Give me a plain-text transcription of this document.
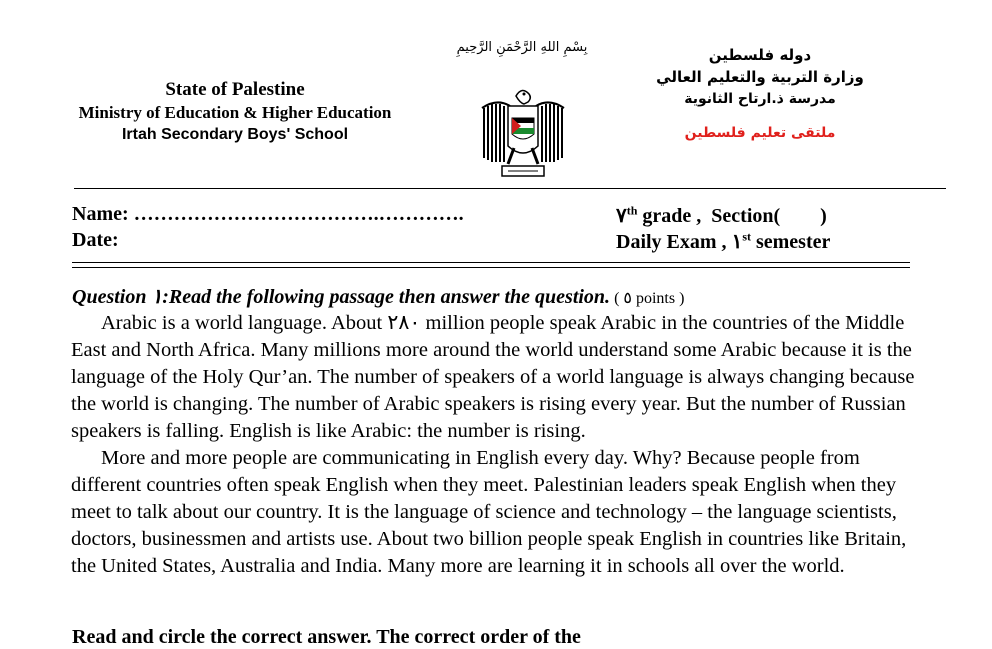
State of Palestine
Ministry of Education & Higher Education
Irtah Secondary Boys' School
بِسْمِ اللهِ الرَّحْمَنِ الرَّحِيمِ	دوله فلسطين
وزارة التربية والتعليم العالي
مدرسة ذ.ارتاح الثانوية
ملتقى تعليم فلسطين
Name: ……………………………….………….
Date:
٧th grade ,  Section(        )
Daily Exam , ١st semester
Question ١:Read the following passage then answer the question. ( ٥ points )

Arabic is a world language. About ٢٨٠ million people speak Arabic in the countries of the Middle East and North Africa. Many millions more around the world understand some Arabic because it is the language of the Holy Qur’an. The number of speakers of a world language is always changing because the world is changing. The number of Arabic speakers is rising every year. But the number of Russian speakers is falling. English is like Arabic: the number is rising.

More and more people are communicating in English every day. Why? Because people from different countries often speak English when they meet. Palestinian leaders speak English when they meet to talk about our country. It is the language of science and technology – the language scientists, doctors, businessmen and artists use. About two billion people speak English in countries like Britain, the United States, Australia and India. Many more are learning it in schools all over the world.

Read and circle the correct answer. The correct order of the
